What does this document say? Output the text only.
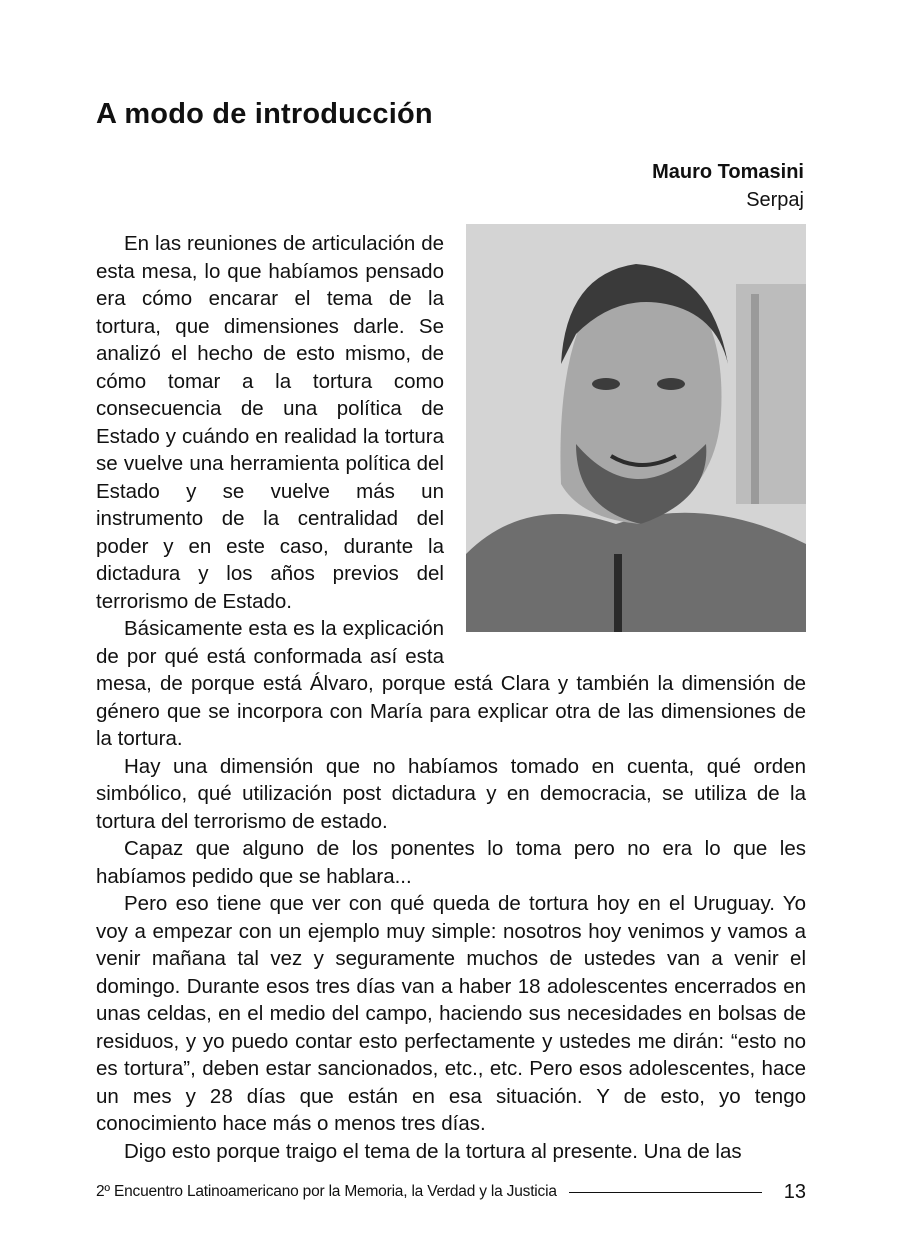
A modo de introducción
Mauro Tomasini
Serpaj

En las reuniones de articulación de esta mesa, lo que habíamos pensado era cómo encarar el tema de la tortura, que dimensiones darle. Se analizó el hecho de esto mismo, de cómo tomar a la tortura como consecuencia de una política de Estado y cuándo en realidad la tortura se vuelve una herramienta política del Estado y se vuelve más un instrumento de la centralidad del poder y en este caso, durante la dictadura y los años previos del terrorismo de Estado.

Básicamente esta es la explicación de por qué está conformada así esta mesa, de porque está Álvaro, porque está Clara y también la dimensión de género que se incorpora con María para explicar otra de las dimensiones de la tortura.

Hay una dimensión que no habíamos tomado en cuenta, qué orden simbólico, qué utilización post dictadura y en democracia, se utiliza de la tortura del terrorismo de estado.

Capaz que alguno de los ponentes lo toma pero no era lo que les habíamos pedido que se hablara...

Pero eso tiene que ver con qué queda de tortura hoy en el Uruguay. Yo voy a empezar con un ejemplo muy simple: nosotros hoy venimos y vamos a venir mañana tal vez y seguramente muchos de ustedes van a venir el domingo. Durante esos tres días van a haber 18 adolescentes encerrados en unas celdas, en el medio del campo, haciendo sus necesidades en bolsas de residuos, y yo puedo contar esto perfectamente y ustedes me dirán: “esto no es tortura”, deben estar sancionados, etc., etc. Pero esos adolescentes, hace un mes y 28 días que están en esa situación. Y de esto, yo tengo conocimiento hace más o menos tres días.

Digo esto porque traigo el tema de la tortura al presente. Una de las

2º Encuentro Latinoamericano por la Memoria, la Verdad y la Justicia	13
